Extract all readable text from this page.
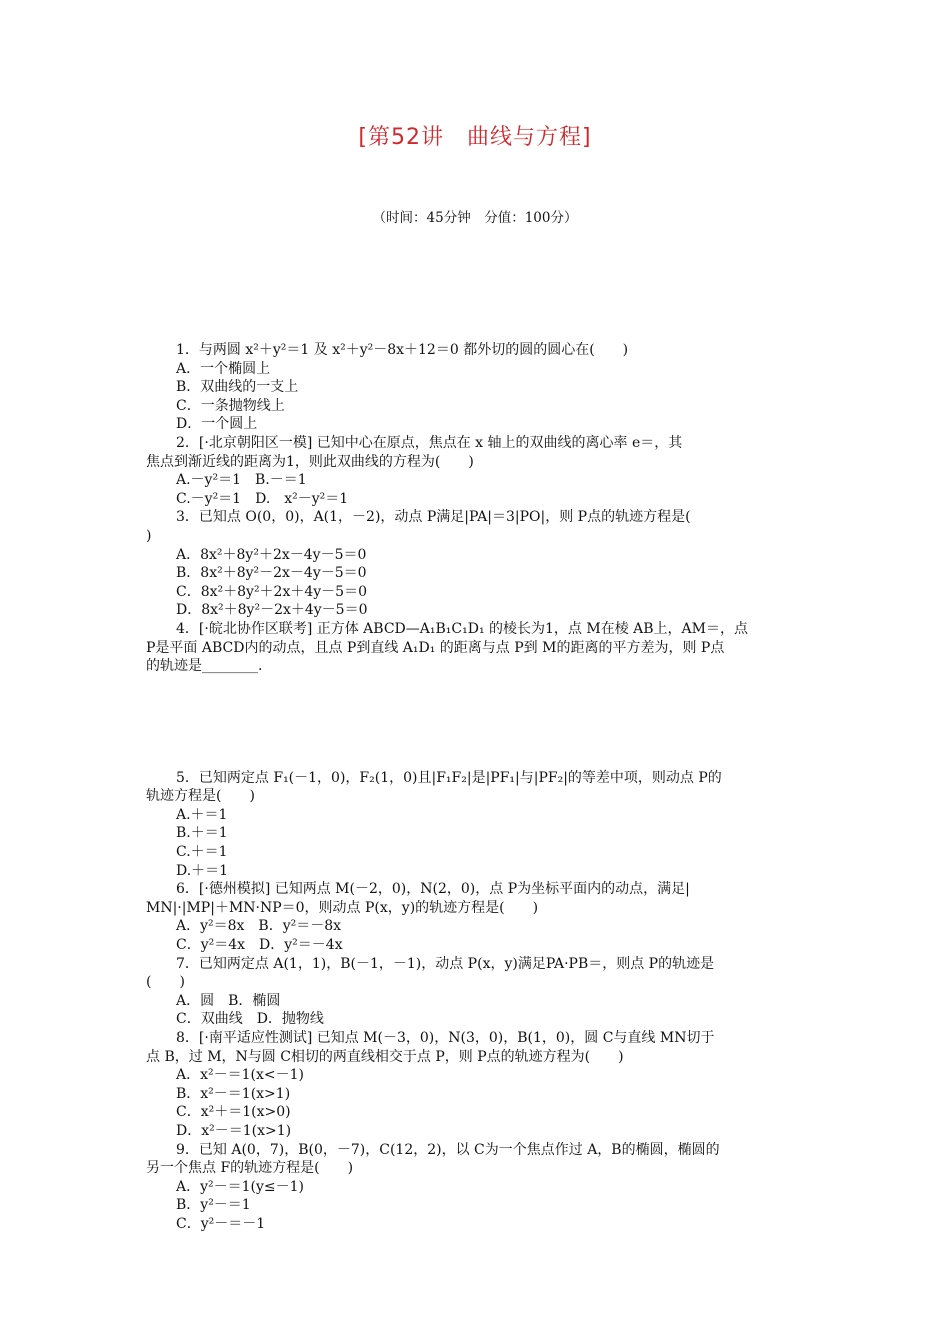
[第52讲　曲线与方程]
（时间：45分钟　分值：100分）
1．与两圆 x²＋y²＝1 及 x²＋y²－8x＋12＝0 都外切的圆的圆心在(　　)
A．一个椭圆上
B．双曲线的一支上
C．一条抛物线上
D．一个圆上
2．[·北京朝阳区一模] 已知中心在原点，焦点在 x 轴上的双曲线的离心率 e＝，其
焦点到渐近线的距离为1，则此双曲线的方程为(　　)
A.－y²＝1　B.－＝1
C.－y²＝1　D.　x²－y²＝1
3．已知点 O(0，0)，A(1，－2)，动点 P满足|PA|＝3|PO|，则 P点的轨迹方程是(
)
A．8x²＋8y²＋2x－4y－5＝0
B．8x²＋8y²－2x－4y－5＝0
C．8x²＋8y²＋2x＋4y－5＝0
D．8x²＋8y²－2x＋4y－5＝0
4．[·皖北协作区联考] 正方体 ABCD—A₁B₁C₁D₁ 的棱长为1，点 M在棱 AB上，AM＝，点
P是平面 ABCD内的动点，且点 P到直线 A₁D₁ 的距离与点 P到 M的距离的平方差为，则 P点
的轨迹是________.
5．已知两定点 F₁(－1，0)，F₂(1，0)且|F₁F₂|是|PF₁|与|PF₂|的等差中项，则动点 P的
轨迹方程是(　　)
A.＋＝1
B.＋＝1
C.＋＝1
D.＋＝1
6．[·德州模拟] 已知两点 M(－2，0)，N(2，0)，点 P为坐标平面内的动点，满足|
MN|·|MP|＋MN·NP＝0，则动点 P(x，y)的轨迹方程是(　　)
A．y²＝8x　B．y²＝－8x
C．y²＝4x　D．y²＝－4x
7．已知两定点 A(1，1)，B(－1，－1)，动点 P(x，y)满足PA·PB＝，则点 P的轨迹是
(　　)
A．圆　B．椭圆
C．双曲线　D．抛物线
8．[·南平适应性测试] 已知点 M(－3，0)，N(3，0)，B(1，0)，圆 C与直线 MN切于
点 B，过 M，N与圆 C相切的两直线相交于点 P，则 P点的轨迹方程为(　　)
A．x²－＝1(x<－1)
B．x²－＝1(x>1)
C．x²＋＝1(x>0)
D．x²－＝1(x>1)
9．已知 A(0，7)，B(0，－7)，C(12，2)，以 C为一个焦点作过 A，B的椭圆，椭圆的
另一个焦点 F的轨迹方程是(　　)
A．y²－＝1(y≤－1)
B．y²－＝1
C．y²－＝－1
